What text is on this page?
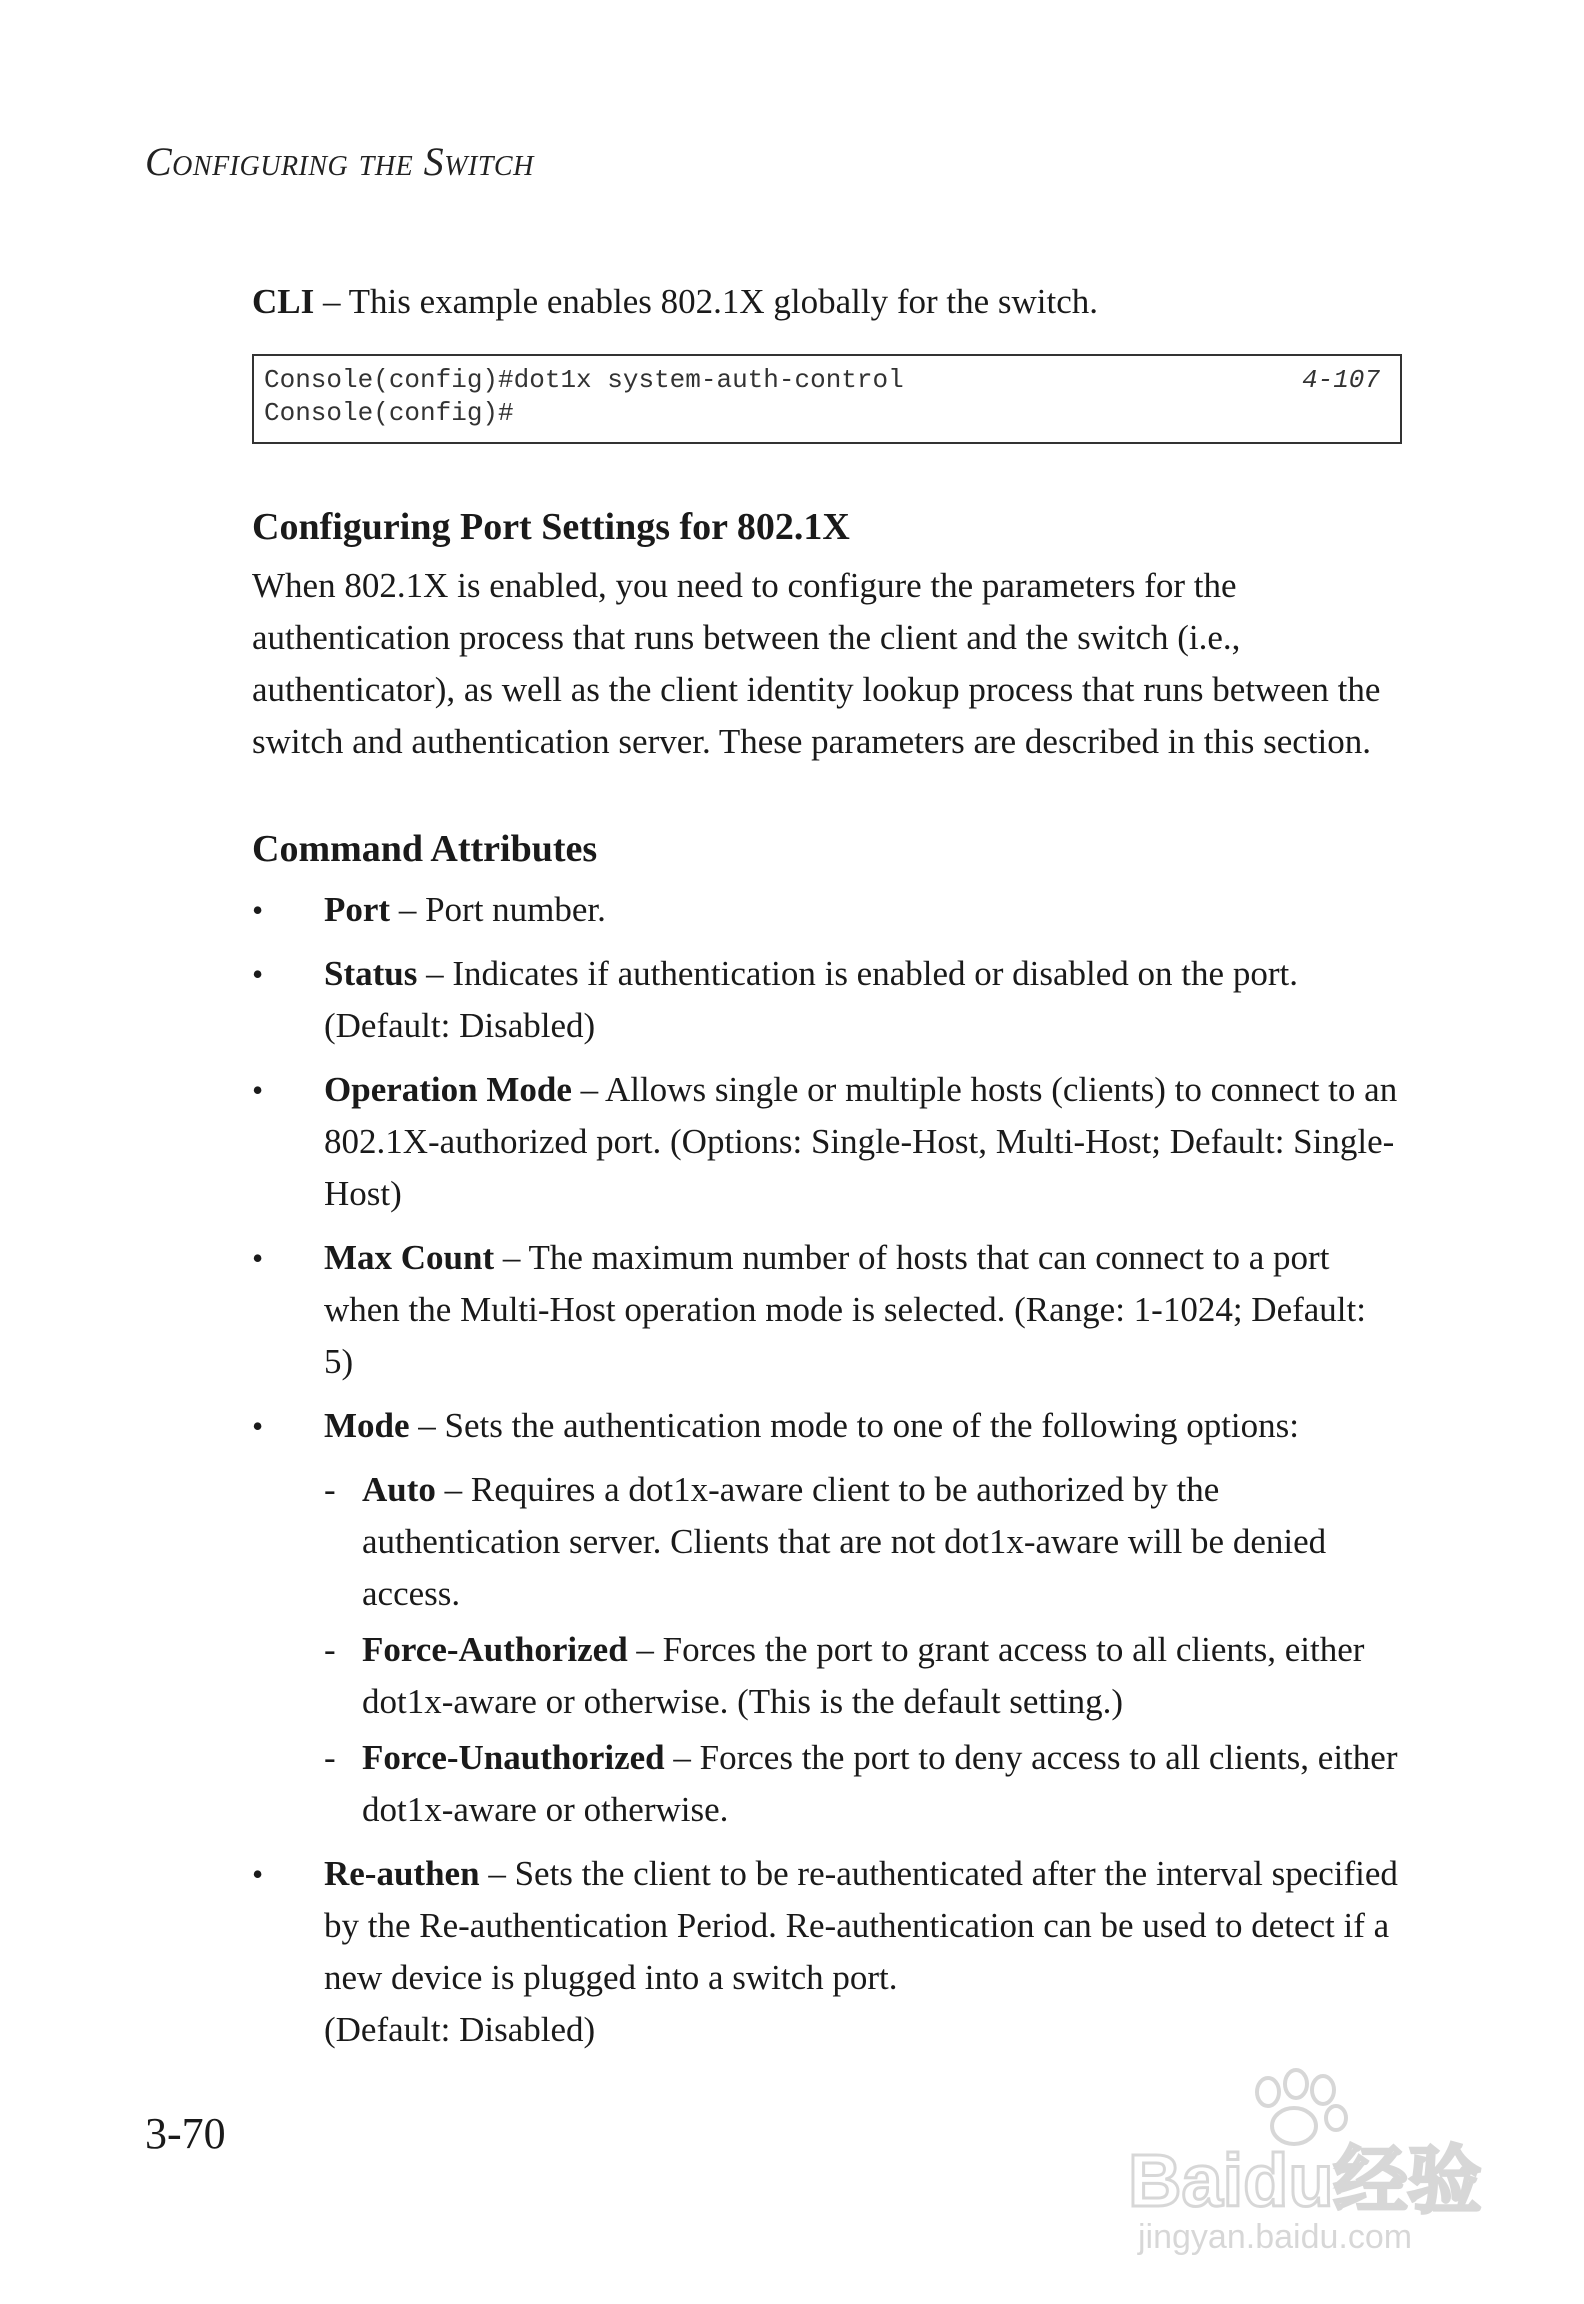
Configuring the Switch

CLI – This example enables 802.1X globally for the switch.

Console(config)#dot1x system-auth-control	4-107
Console(config)#
Configuring Port Settings for 802.1X

When 802.1X is enabled, you need to configure the parameters for the authentication process that runs between the client and the switch (i.e., authenticator), as well as the client identity lookup process that runs between the switch and authentication server. These parameters are described in this section.

Command Attributes
•	Port – Port number.
•	Status – Indicates if authentication is enabled or disabled on the port. (Default: Disabled)
•	Operation Mode – Allows single or multiple hosts (clients) to connect to an 802.1X-authorized port. (Options: Single-Host, Multi-Host; Default: Single-Host)
•	Max Count – The maximum number of hosts that can connect to a port when the Multi-Host operation mode is selected. (Range: 1-1024; Default: 5)
•	Mode – Sets the authentication mode to one of the following options:
- Auto – Requires a dot1x-aware client to be authorized by the authentication server. Clients that are not dot1x-aware will be denied access.
- Force-Authorized – Forces the port to grant access to all clients, either dot1x-aware or otherwise. (This is the default setting.)
- Force-Unauthorized – Forces the port to deny access to all clients, either dot1x-aware or otherwise.
•	Re-authen – Sets the client to be re-authenticated after the interval specified by the Re-authentication Period. Re-authentication can be used to detect if a new device is plugged into a switch port.
(Default: Disabled)
3-70
Baidu经验
jingyan.baidu.com
